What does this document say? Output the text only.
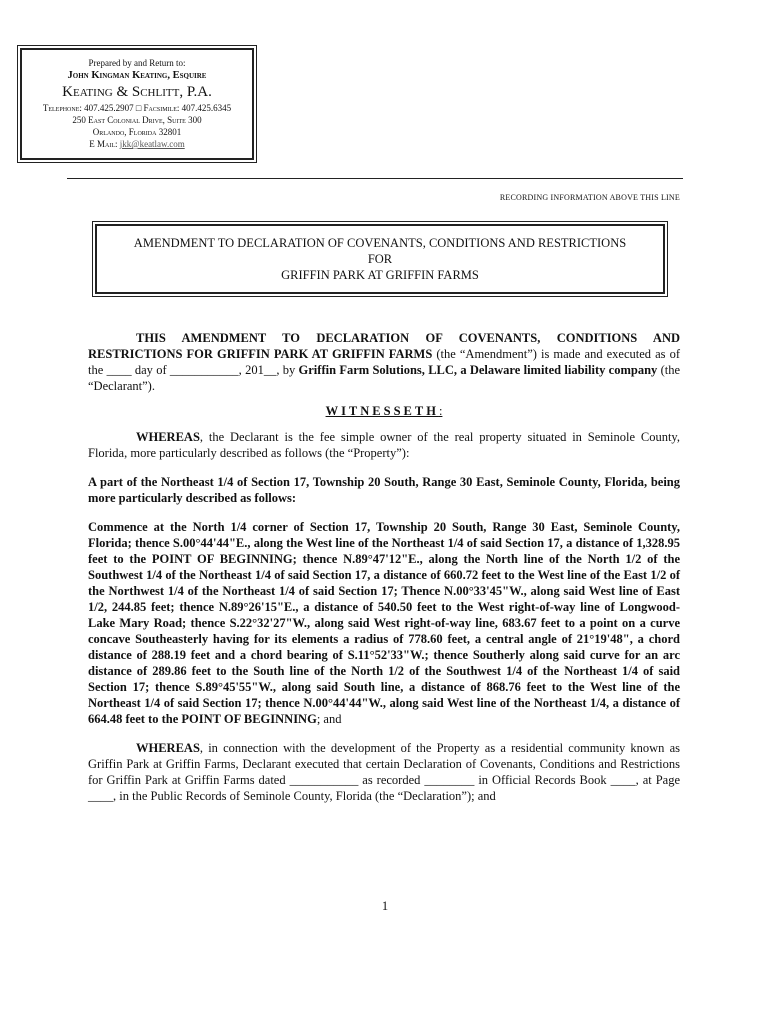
Prepared by and Return to:
John Kingman Keating, Esquire
Keating & Schlitt, P.A.
Telephone: 407.425.2907 □ Facsimile: 407.425.6345
250 East Colonial Drive, Suite 300
Orlando, Florida 32801
E Mail: jkk@keatlaw.com
RECORDING INFORMATION ABOVE THIS LINE
AMENDMENT TO DECLARATION OF COVENANTS, CONDITIONS AND RESTRICTIONS
FOR
GRIFFIN PARK AT GRIFFIN FARMS

THIS AMENDMENT TO DECLARATION OF COVENANTS, CONDITIONS AND RESTRICTIONS FOR GRIFFIN PARK AT GRIFFIN FARMS (the “Amendment”) is made and executed as of the ____ day of ___________, 201__, by Griffin Farm Solutions, LLC, a Delaware limited liability company (the “Declarant”).

WITNESSETH:

WHEREAS, the Declarant is the fee simple owner of the real property situated in Seminole County, Florida, more particularly described as follows (the “Property”):

A part of the Northeast 1/4 of Section 17, Township 20 South, Range 30 East, Seminole County, Florida, being more particularly described as follows:

Commence at the North 1/4 corner of Section 17, Township 20 South, Range 30 East, Seminole County, Florida; thence S.00°44'44"E., along the West line of the Northeast 1/4 of said Section 17, a distance of 1,328.95 feet to the POINT OF BEGINNING; thence N.89°47'12"E., along the North line of the North 1/2 of the Southwest 1/4 of the Northeast 1/4 of said Section 17, a distance of 660.72 feet to the West line of the East 1/2 of the Northwest 1/4 of the Northeast 1/4 of said Section 17; Thence N.00°33'45"W., along said West line of East 1/2, 244.85 feet; thence N.89°26'15"E., a distance of 540.50 feet to the West right-of-way line of Longwood-Lake Mary Road; thence S.22°32'27"W., along said West right-of-way line, 683.67 feet to a point on a curve concave Southeasterly having for its elements a radius of 778.60 feet, a central angle of 21°19'48", a chord distance of 288.19 feet and a chord bearing of S.11°52'33"W.; thence Southerly along said curve for an arc distance of 289.86 feet to the South line of the North 1/2 of the Southwest 1/4 of the Northeast 1/4 of said Section 17; thence S.89°45'55"W., along said South line, a distance of 868.76 feet to the West line of the Northeast 1/4 of said Section 17; thence N.00°44'44"W., along said West line of the Northeast 1/4, a distance of 664.48 feet to the POINT OF BEGINNING; and

WHEREAS, in connection with the development of the Property as a residential community known as Griffin Park at Griffin Farms, Declarant executed that certain Declaration of Covenants, Conditions and Restrictions for Griffin Park at Griffin Farms dated ___________ as recorded ________ in Official Records Book ____, at Page ____, in the Public Records of Seminole County, Florida (the “Declaration”); and

1
